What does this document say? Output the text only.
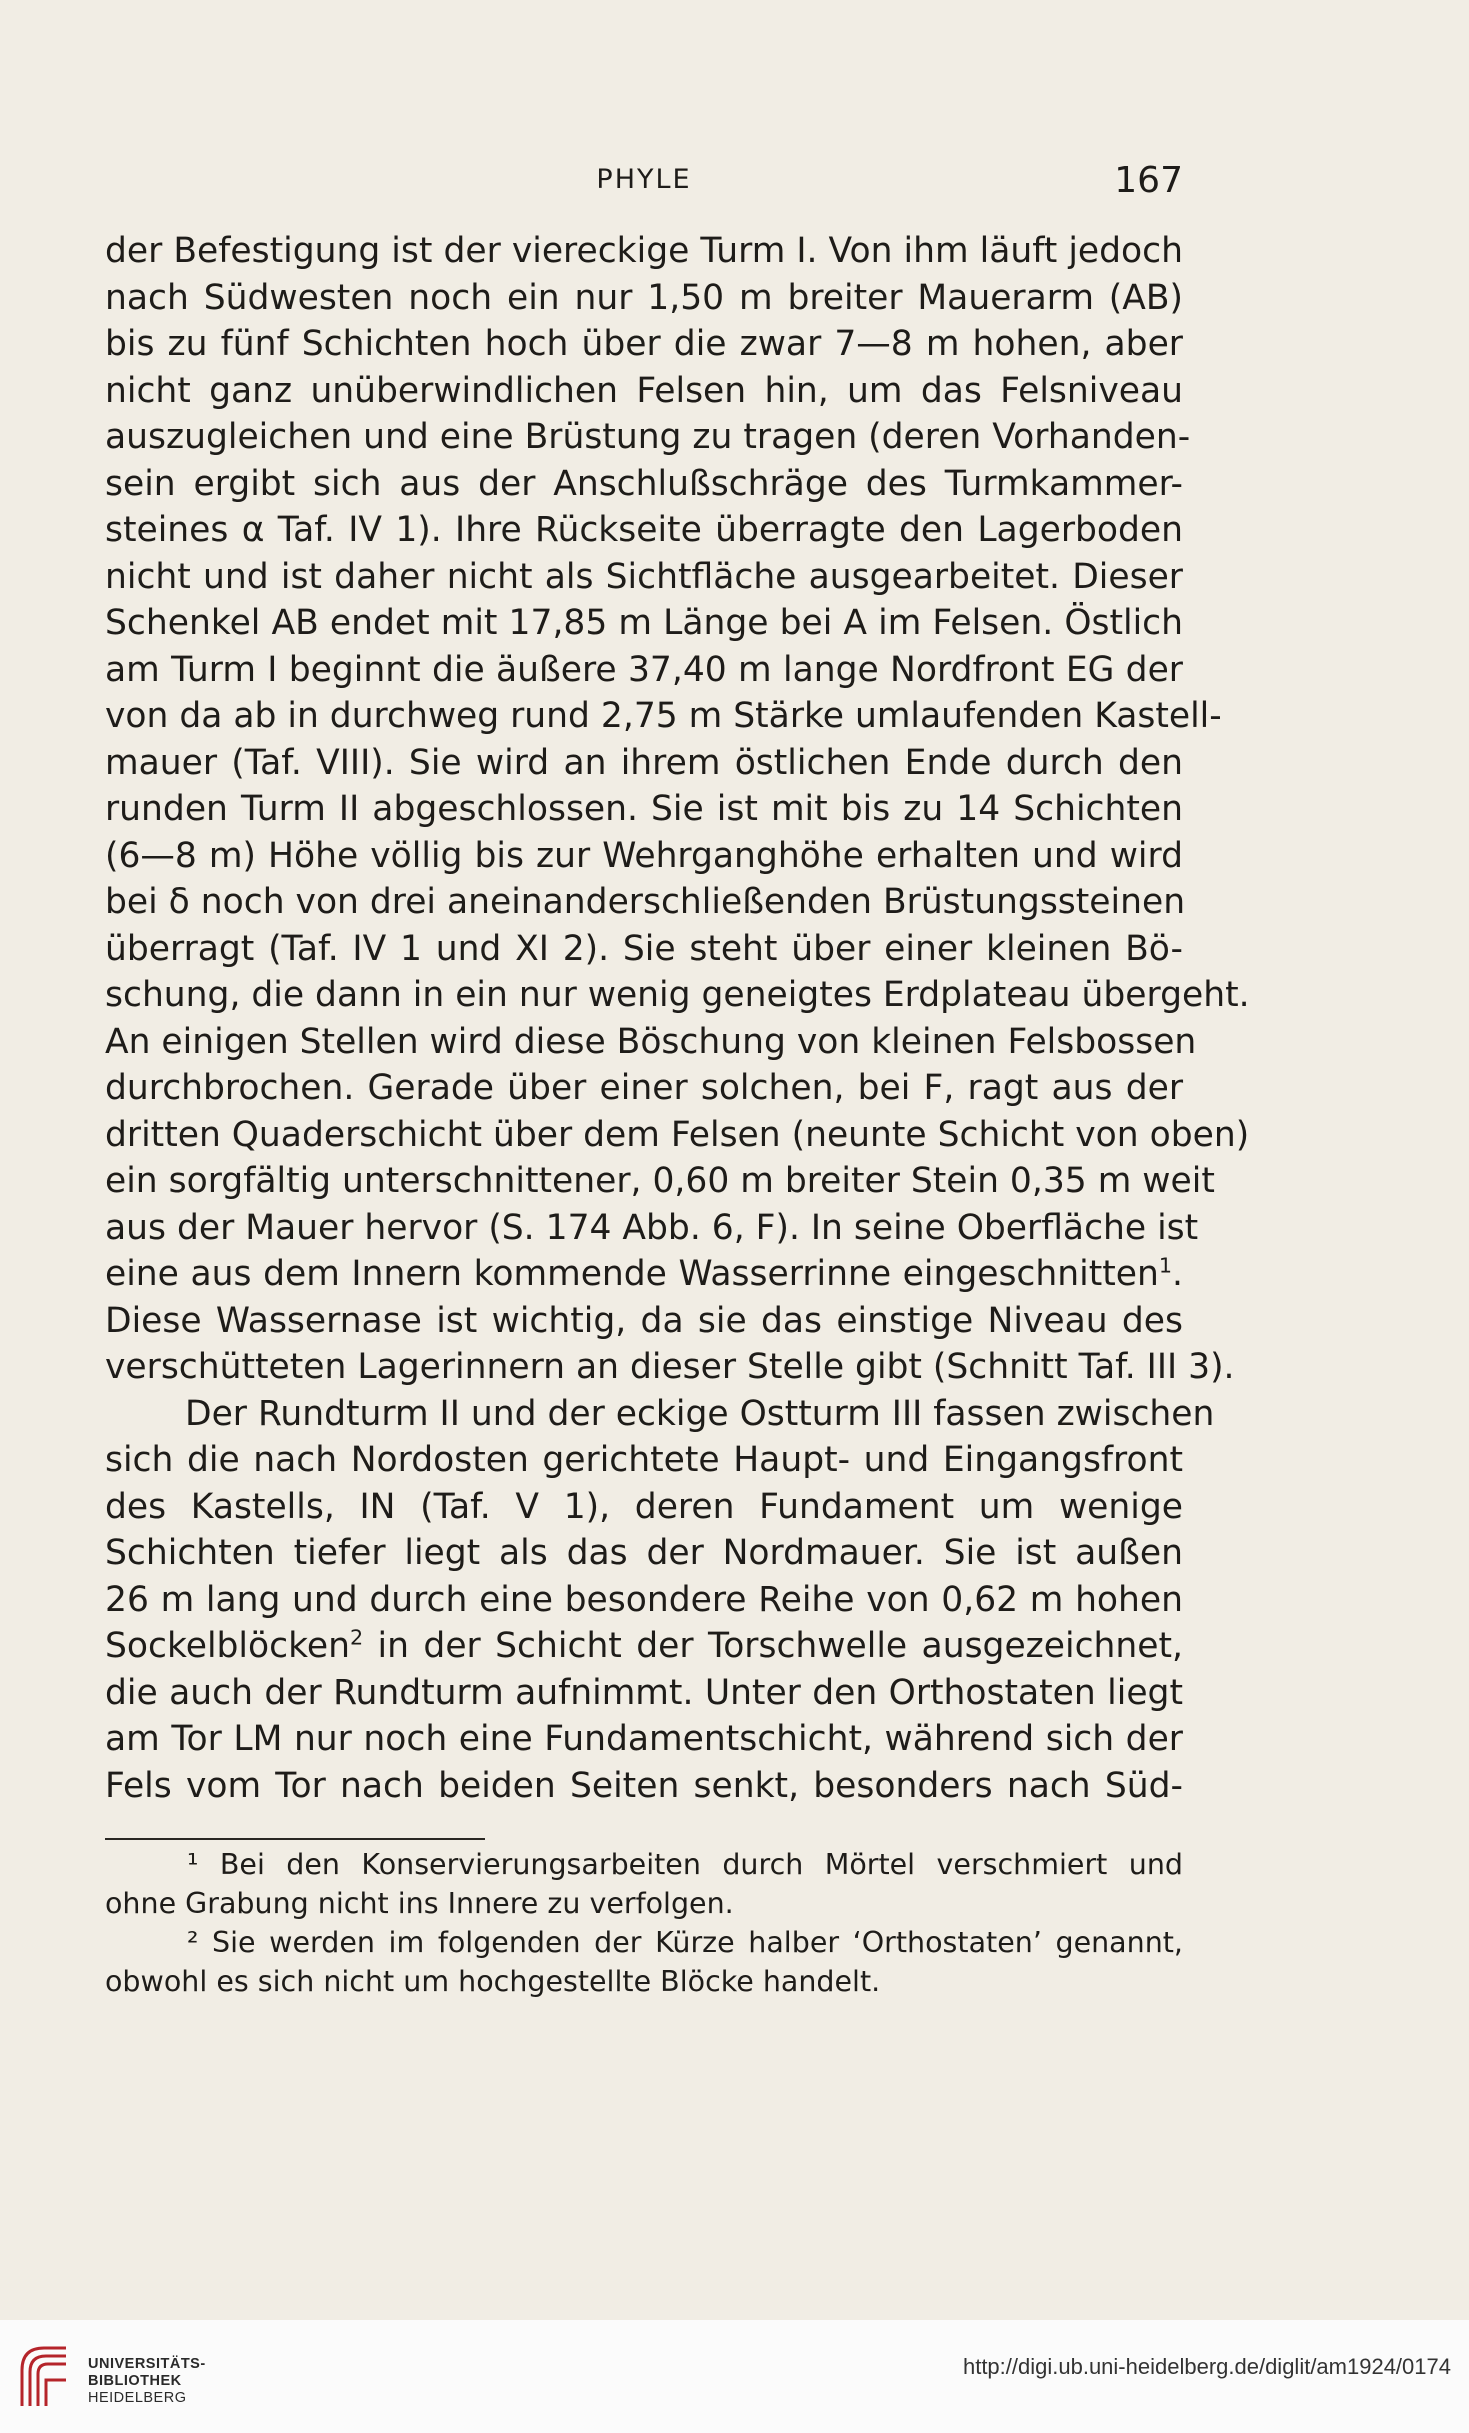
PHYLE	167
der Befestigung ist der viereckige Turm I. Von ihm läuft jedoch
nach Südwesten noch ein nur 1,50 m breiter Mauerarm (AB)
bis zu fünf Schichten hoch über die zwar 7—8 m hohen, aber
nicht ganz unüberwindlichen Felsen hin, um das Felsniveau
auszugleichen und eine Brüstung zu tragen (deren Vorhanden-
sein ergibt sich aus der Anschlußschräge des Turmkammer-
steines α Taf. IV 1). Ihre Rückseite überragte den Lagerboden
nicht und ist daher nicht als Sichtfläche ausgearbeitet. Dieser
Schenkel AB endet mit 17,85 m Länge bei A im Felsen. Östlich
am Turm I beginnt die äußere 37,40 m lange Nordfront EG der
von da ab in durchweg rund 2,75 m Stärke umlaufenden Kastell-
mauer (Taf. VIII). Sie wird an ihrem östlichen Ende durch den
runden Turm II abgeschlossen. Sie ist mit bis zu 14 Schichten
(6—8 m) Höhe völlig bis zur Wehrganghöhe erhalten und wird
bei δ noch von drei aneinanderschließenden Brüstungssteinen
überragt (Taf. IV 1 und XI 2). Sie steht über einer kleinen Bö-
schung, die dann in ein nur wenig geneigtes Erdplateau übergeht.
An einigen Stellen wird diese Böschung von kleinen Felsbossen
durchbrochen. Gerade über einer solchen, bei F, ragt aus der
dritten Quaderschicht über dem Felsen (neunte Schicht von oben)
ein sorgfältig unterschnittener, 0,60 m breiter Stein 0,35 m weit
aus der Mauer hervor (S. 174 Abb. 6, F). In seine Oberfläche ist
eine aus dem Innern kommende Wasserrinne eingeschnitten$^1$.
Diese Wassernase ist wichtig, da sie das einstige Niveau des
verschütteten Lagerinnern an dieser Stelle gibt (Schnitt Taf. III 3).
Der Rundturm II und der eckige Ostturm III fassen zwischen
sich die nach Nordosten gerichtete Haupt- und Eingangsfront
des Kastells, IN (Taf. V 1), deren Fundament um wenige
Schichten tiefer liegt als das der Nordmauer. Sie ist außen
26 m lang und durch eine besondere Reihe von 0,62 m hohen
Sockelblöcken$^2$ in der Schicht der Torschwelle ausgezeichnet,
die auch der Rundturm aufnimmt. Unter den Orthostaten liegt
am Tor LM nur noch eine Fundamentschicht, während sich der
Fels vom Tor nach beiden Seiten senkt, besonders nach Süd-
¹ Bei den Konservierungsarbeiten durch Mörtel verschmiert und
ohne Grabung nicht ins Innere zu verfolgen.
² Sie werden im folgenden der Kürze halber ‘Orthostaten’ genannt,
obwohl es sich nicht um hochgestellte Blöcke handelt.
UNIVERSITÄTS-
BIBLIOTHEK
HEIDELBERG
http://digi.ub.uni-heidelberg.de/diglit/am1924/0174
